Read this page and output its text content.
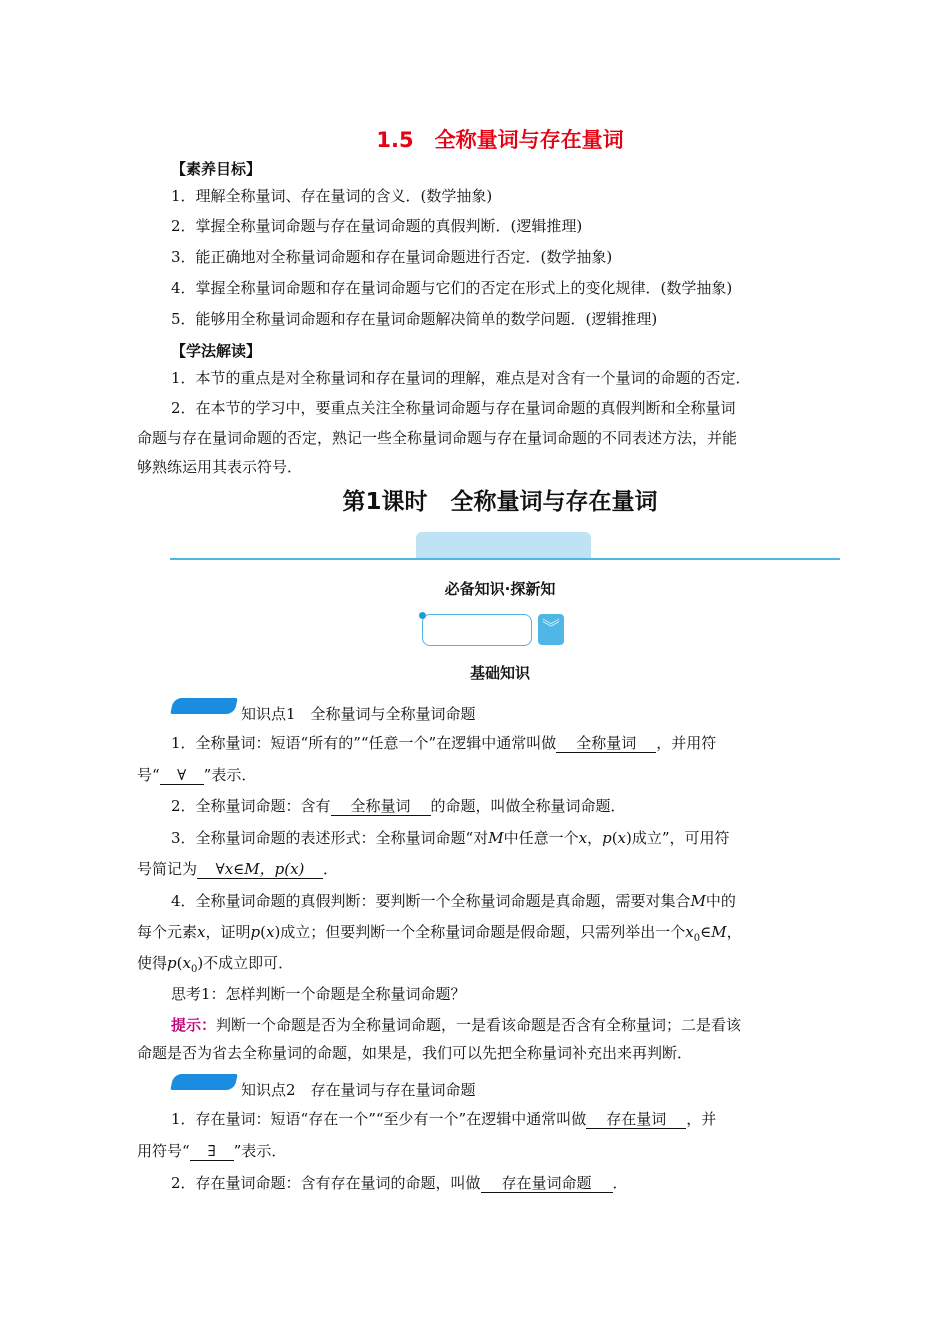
1.5　全称量词与存在量词
【素养目标】
1．理解全称量词、存在量词的含义．(数学抽象)
2．掌握全称量词命题与存在量词命题的真假判断．(逻辑推理)
3．能正确地对全称量词命题和存在量词命题进行否定．(数学抽象)
4．掌握全称量词命题和存在量词命题与它们的否定在形式上的变化规律．(数学抽象)
5．能够用全称量词命题和存在量词命题解决简单的数学问题．(逻辑推理)
【学法解读】
1．本节的重点是对全称量词和存在量词的理解，难点是对含有一个量词的命题的否定．
2．在本节的学习中，要重点关注全称量词命题与存在量词命题的真假判断和全称量词
命题与存在量词命题的否定，熟记一些全称量词命题与存在量词命题的不同表述方法，并能
够熟练运用其表示符号．
第1课时　全称量词与存在量词
必备知识·探新知
︾
基础知识
知识点1　全称量词与全称量词命题
1．全称量词：短语“所有的”“任意一个”在逻辑中通常叫做 全称量词 ，并用符
号“ ∀ ”表示．
2．全称量词命题：含有 全称量词 的命题，叫做全称量词命题．
3．全称量词命题的表述形式：全称量词命题“对M中任意一个x，p(x)成立”，可用符
号简记为 ∀x∈M，p(x) ．
4．全称量词命题的真假判断：要判断一个全称量词命题是真命题，需要对集合M中的
每个元素x，证明p(x)成立；但要判断一个全称量词命题是假命题，只需列举出一个$x_0\in M$，
使得$p(x_0)$不成立即可．
思考1：怎样判断一个命题是全称量词命题？
提示：判断一个命题是否为全称量词命题，一是看该命题是否含有全称量词；二是看该
命题是否为省去全称量词的命题，如果是，我们可以先把全称量词补充出来再判断．
知识点2　存在量词与存在量词命题
1．存在量词：短语“存在一个”“至少有一个”在逻辑中通常叫做 存在量词 ，并
用符号“ ∃ ”表示．
2．存在量词命题：含有存在量词的命题，叫做 存在量词命题 ．
